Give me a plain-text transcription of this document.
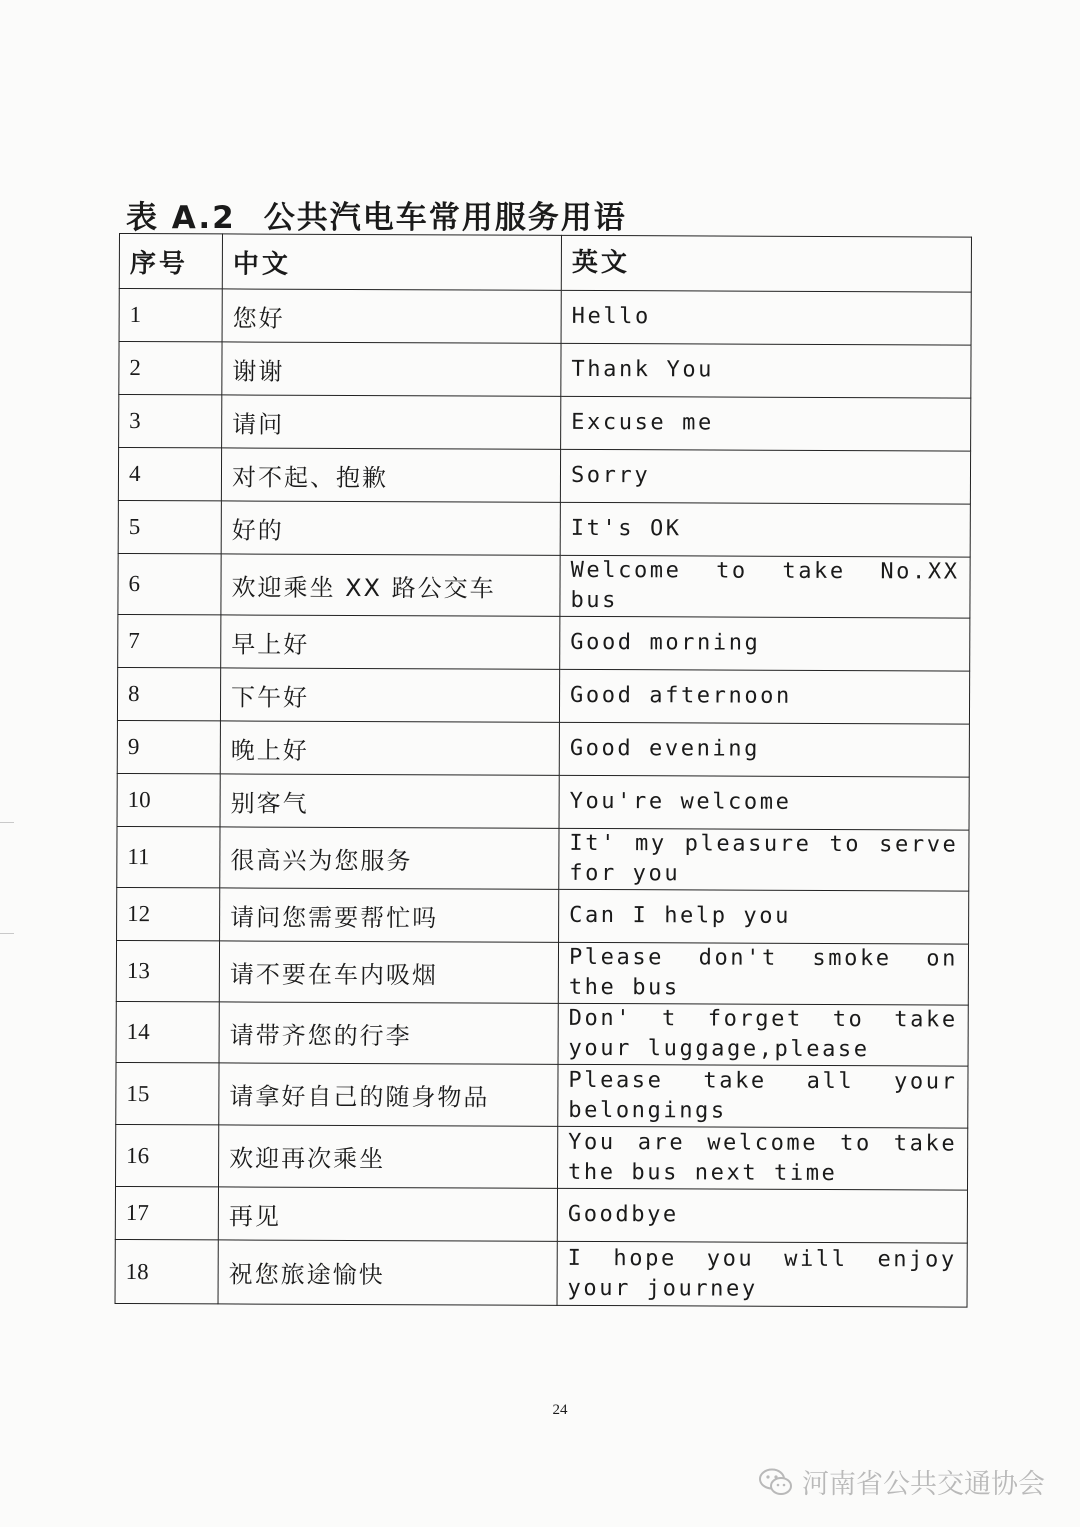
表 A.2 公共汽电车常用服务用语
序号	中文	英文
1	您好	Hello
2	谢谢	Thank You
3	请问	Excuse me
4	对不起、抱歉	Sorry
5	好的	It's OK
6	欢迎乘坐 XX 路公交车	Welcome to take No.XX bus
7	早上好	Good morning
8	下午好	Good afternoon
9	晚上好	Good evening
10	别客气	You're welcome
11	很高兴为您服务	It' my pleasure to serve for you
12	请问您需要帮忙吗	Can I help you
13	请不要在车内吸烟	Please don't smoke on the bus
14	请带齐您的行李	Don' t forget to take your luggage,please
15	请拿好自己的随身物品	Please take all your belongings
16	欢迎再次乘坐	You are welcome to take the bus next time
17	再见	Goodbye
18	祝您旅途愉快	I hope you will enjoy your journey
24
河南省公共交通协会
